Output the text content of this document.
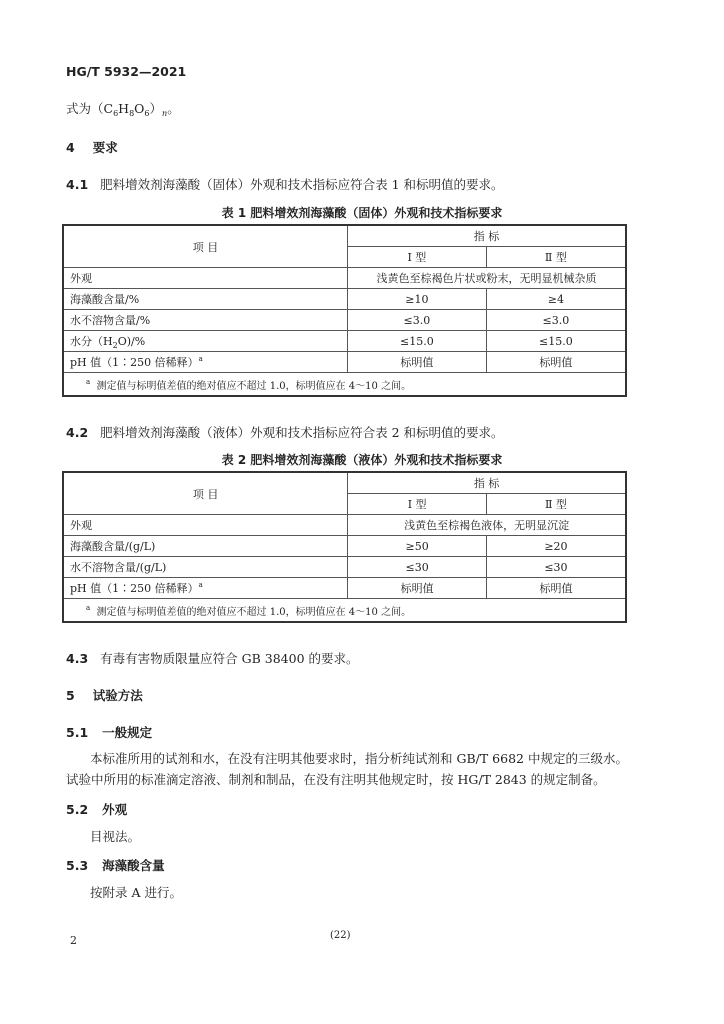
HG/T 5932—2021
式为$(C_6H_8O_6)_n$。
4 要求
4.1 肥料增效剂海藻酸（固体）外观和技术指标应符合表 1 和标明值的要求。
表 1 肥料增效剂海藻酸（固体）外观和技术指标要求
项 目	指 标	
	Ⅰ 型	Ⅱ 型
外观	浅黄色至棕褐色片状或粉末，无明显机械杂质	
海藻酸含量/%	≥10	≥4
水不溶物含量/%	≤3.0	≤3.0
水分$(H_2O)/\%$	≤15.0	≤15.0
pH 值（1∶250 倍稀释）$^a$	标明值	标明值
$^a$ 测定值与标明值差值的绝对值应不超过 1.0，标明值应在 4～10 之间。		
4.2 肥料增效剂海藻酸（液体）外观和技术指标应符合表 2 和标明值的要求。
表 2 肥料增效剂海藻酸（液体）外观和技术指标要求
项 目	指 标	
	Ⅰ 型	Ⅱ 型
外观	浅黄色至棕褐色液体，无明显沉淀	
海藻酸含量/(g/L)	≥50	≥20
水不溶物含量/(g/L)	≤30	≤30
pH 值（1∶250 倍稀释）$^a$	标明值	标明值
$^a$ 测定值与标明值差值的绝对值应不超过 1.0，标明值应在 4～10 之间。		
4.3 有毒有害物质限量应符合 GB 38400 的要求。
5 试验方法
5.1 一般规定
本标准所用的试剂和水，在没有注明其他要求时，指分析纯试剂和 GB/T 6682 中规定的三级水。
试验中所用的标准滴定溶液、制剂和制品，在没有注明其他规定时，按 HG/T 2843 的规定制备。
5.2 外观
目视法。
5.3 海藻酸含量
按附录 A 进行。
2	(22)
